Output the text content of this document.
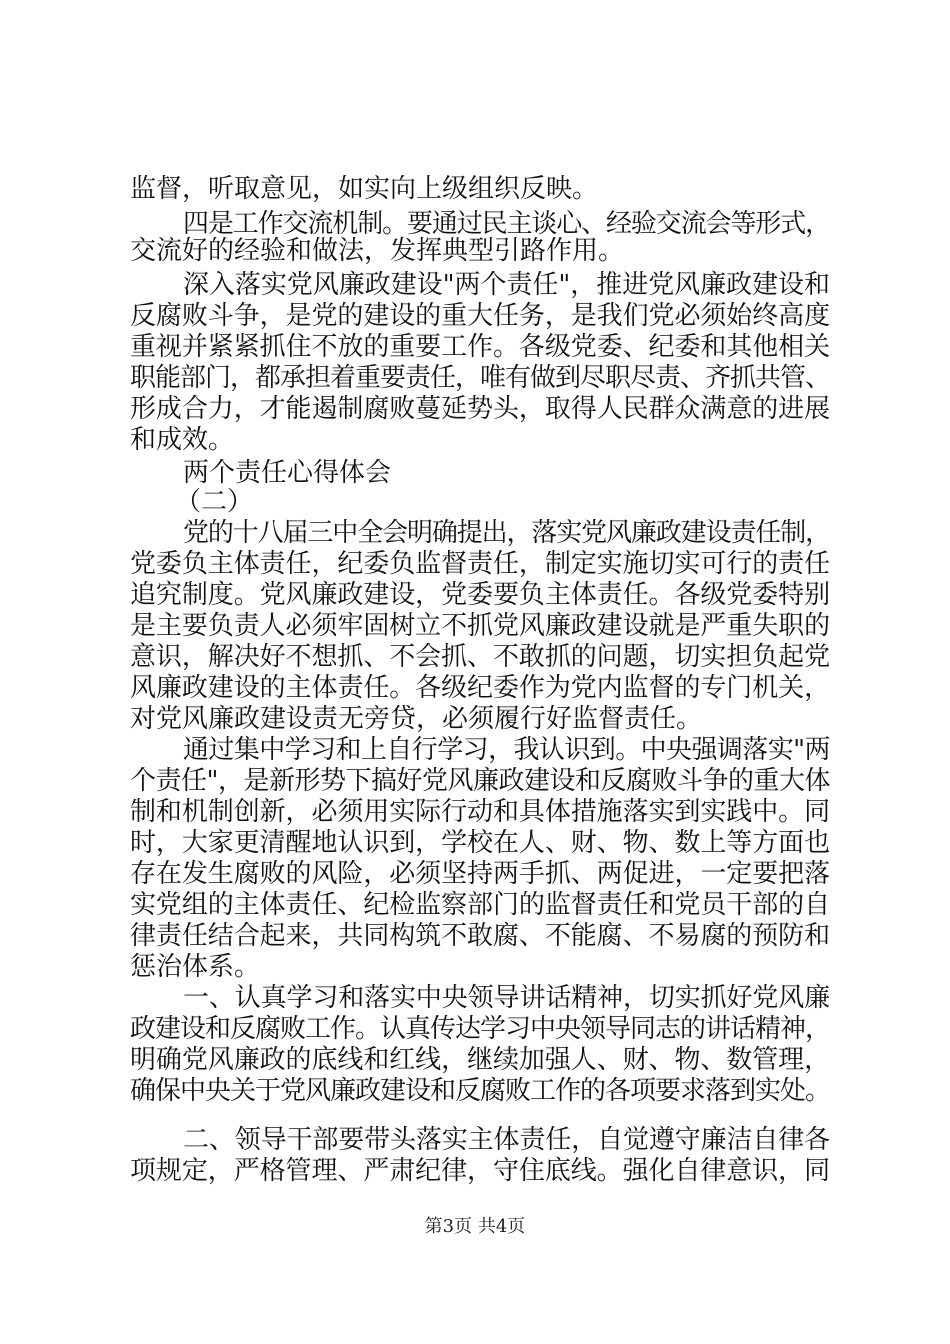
监督，听取意见，如实向上级组织反映。
四是工作交流机制。要通过民主谈心、经验交流会等形式，
交流好的经验和做法，发挥典型引路作用。
深入落实党风廉政建设"两个责任"，推进党风廉政建设和
反腐败斗争，是党的建设的重大任务，是我们党必须始终高度
重视并紧紧抓住不放的重要工作。各级党委、纪委和其他相关
职能部门，都承担着重要责任，唯有做到尽职尽责、齐抓共管、
形成合力，才能遏制腐败蔓延势头，取得人民群众满意的进展
和成效。
两个责任心得体会
（二）
党的十八届三中全会明确提出，落实党风廉政建设责任制，
党委负主体责任，纪委负监督责任，制定实施切实可行的责任
追究制度。党风廉政建设，党委要负主体责任。各级党委特别
是主要负责人必须牢固树立不抓党风廉政建设就是严重失职的
意识，解决好不想抓、不会抓、不敢抓的问题，切实担负起党
风廉政建设的主体责任。各级纪委作为党内监督的专门机关，
对党风廉政建设责无旁贷，必须履行好监督责任。
通过集中学习和上自行学习，我认识到。中央强调落实"两
个责任"，是新形势下搞好党风廉政建设和反腐败斗争的重大体
制和机制创新，必须用实际行动和具体措施落实到实践中。同
时，大家更清醒地认识到，学校在人、财、物、数上等方面也
存在发生腐败的风险，必须坚持两手抓、两促进，一定要把落
实党组的主体责任、纪检监察部门的监督责任和党员干部的自
律责任结合起来，共同构筑不敢腐、不能腐、不易腐的预防和
惩治体系。
一、认真学习和落实中央领导讲话精神，切实抓好党风廉
政建设和反腐败工作。认真传达学习中央领导同志的讲话精神，
明确党风廉政的底线和红线，继续加强人、财、物、数管理，
确保中央关于党风廉政建设和反腐败工作的各项要求落到实处。
二、领导干部要带头落实主体责任，自觉遵守廉洁自律各
项规定，严格管理、严肃纪律，守住底线。强化自律意识，同
第3页 共4页
